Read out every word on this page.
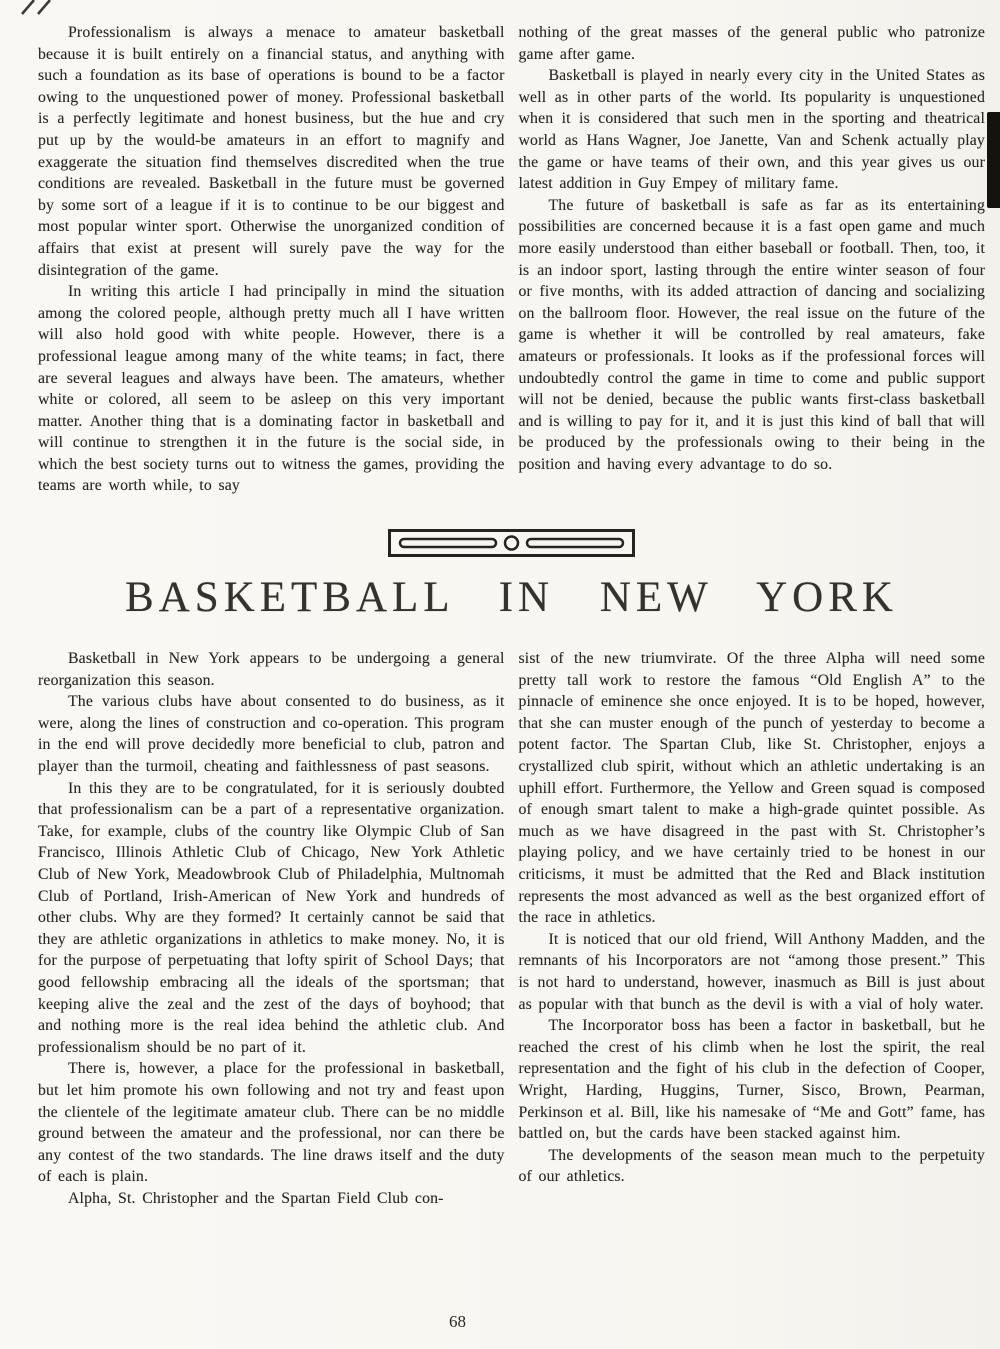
Professionalism is always a menace to amateur basketball because it is built entirely on a financial status, and anything with such a foundation as its base of operations is bound to be a factor owing to the unquestioned power of money. Professional basketball is a perfectly legitimate and honest business, but the hue and cry put up by the would-be amateurs in an effort to magnify and exaggerate the situation find themselves discredited when the true conditions are revealed. Basketball in the future must be governed by some sort of a league if it is to continue to be our biggest and most popular winter sport. Otherwise the unorganized condition of affairs that exist at present will surely pave the way for the disintegration of the game.

In writing this article I had principally in mind the situation among the colored people, although pretty much all I have written will also hold good with white people. However, there is a professional league among many of the white teams; in fact, there are several leagues and always have been. The amateurs, whether white or colored, all seem to be asleep on this very important matter. Another thing that is a dominating factor in basketball and will continue to strengthen it in the future is the social side, in which the best society turns out to witness the games, providing the teams are worth while, to say

nothing of the great masses of the general public who patronize game after game.

Basketball is played in nearly every city in the United States as well as in other parts of the world. Its popularity is unquestioned when it is considered that such men in the sporting and theatrical world as Hans Wagner, Joe Janette, Van and Schenk actually play the game or have teams of their own, and this year gives us our latest addition in Guy Empey of military fame.

The future of basketball is safe as far as its entertaining possibilities are concerned because it is a fast open game and much more easily understood than either baseball or football. Then, too, it is an indoor sport, lasting through the entire winter season of four or five months, with its added attraction of dancing and socializing on the ballroom floor. However, the real issue on the future of the game is whether it will be controlled by real amateurs, fake amateurs or professionals. It looks as if the professional forces will undoubtedly control the game in time to come and public support will not be denied, because the public wants first-class basketball and is willing to pay for it, and it is just this kind of ball that will be produced by the professionals owing to their being in the position and having every advantage to do so.

BASKETBALL IN NEW YORK

Basketball in New York appears to be undergoing a general reorganization this season.

The various clubs have about consented to do business, as it were, along the lines of construction and co-operation. This program in the end will prove decidedly more beneficial to club, patron and player than the turmoil, cheating and faithlessness of past seasons.

In this they are to be congratulated, for it is seriously doubted that professionalism can be a part of a representative organization. Take, for example, clubs of the country like Olympic Club of San Francisco, Illinois Athletic Club of Chicago, New York Athletic Club of New York, Meadowbrook Club of Philadelphia, Multnomah Club of Portland, Irish-American of New York and hundreds of other clubs. Why are they formed? It certainly cannot be said that they are athletic organizations in athletics to make money. No, it is for the purpose of perpetuating that lofty spirit of School Days; that good fellowship embracing all the ideals of the sportsman; that keeping alive the zeal and the zest of the days of boyhood; that and nothing more is the real idea behind the athletic club. And professionalism should be no part of it.

There is, however, a place for the professional in basketball, but let him promote his own following and not try and feast upon the clientele of the legitimate amateur club. There can be no middle ground between the amateur and the professional, nor can there be any contest of the two standards. The line draws itself and the duty of each is plain.

Alpha, St. Christopher and the Spartan Field Club con-

sist of the new triumvirate. Of the three Alpha will need some pretty tall work to restore the famous “Old English A” to the pinnacle of eminence she once enjoyed. It is to be hoped, however, that she can muster enough of the punch of yesterday to become a potent factor. The Spartan Club, like St. Christopher, enjoys a crystallized club spirit, without which an athletic undertaking is an uphill effort. Furthermore, the Yellow and Green squad is composed of enough smart talent to make a high-grade quintet possible. As much as we have disagreed in the past with St. Christopher’s playing policy, and we have certainly tried to be honest in our criticisms, it must be admitted that the Red and Black institution represents the most advanced as well as the best organized effort of the race in athletics.

It is noticed that our old friend, Will Anthony Madden, and the remnants of his Incorporators are not “among those present.” This is not hard to understand, however, inasmuch as Bill is just about as popular with that bunch as the devil is with a vial of holy water.

The Incorporator boss has been a factor in basketball, but he reached the crest of his climb when he lost the spirit, the real representation and the fight of his club in the defection of Cooper, Wright, Harding, Huggins, Turner, Sisco, Brown, Pearman, Perkinson et al. Bill, like his namesake of “Me and Gott” fame, has battled on, but the cards have been stacked against him.

The developments of the season mean much to the perpetuity of our athletics.

68
